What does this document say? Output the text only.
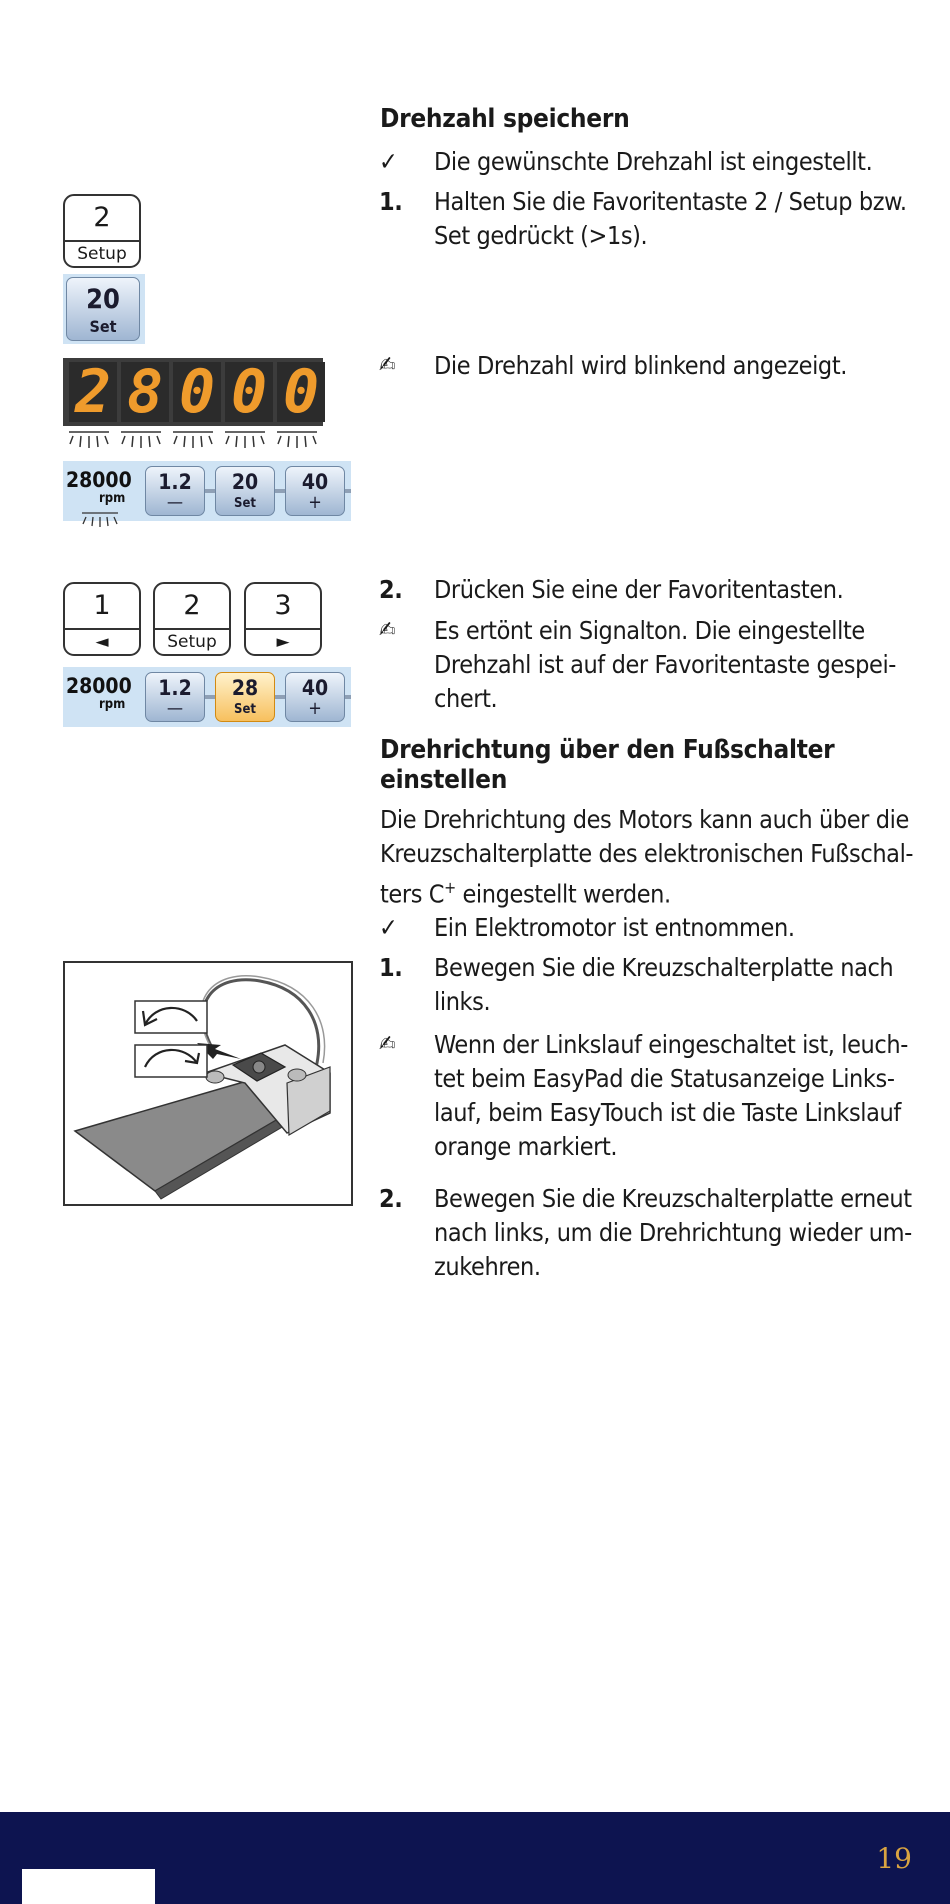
2
Setup
20
Set
2 8 0 0 0
28000
rpm
1.2
—
20
Set
40
+
1
◄
2
Setup
3
►
28000
rpm
1.2
—
28
Set
40
+
Drehzahl speichern
✓	Die gewünschte Drehzahl ist eingestellt.
1.	Halten Sie die Favoritentaste 2 / Setup bzw. Set gedrückt (>1s).
✍	Die Drehzahl wird blinkend angezeigt.
2.	Drücken Sie eine der Favoritentasten.
✍	Es ertönt ein Signalton. Die eingestellte Drehzahl ist auf der Favoritentaste gespei-chert.
Drehrichtung über den Fußschalter einstellen
Die Drehrichtung des Motors kann auch über die Kreuzschalterplatte des elektronischen Fußschal-ters C+ eingestellt werden.
✓	Ein Elektromotor ist entnommen.
1.	Bewegen Sie die Kreuzschalterplatte nach links.
✍	Wenn der Linkslauf eingeschaltet ist, leuch-tet beim EasyPad die Statusanzeige Links-lauf, beim EasyTouch ist die Taste Linkslauf orange markiert.
2.	Bewegen Sie die Kreuzschalterplatte erneut nach links, um die Drehrichtung wieder um-zukehren.
19
